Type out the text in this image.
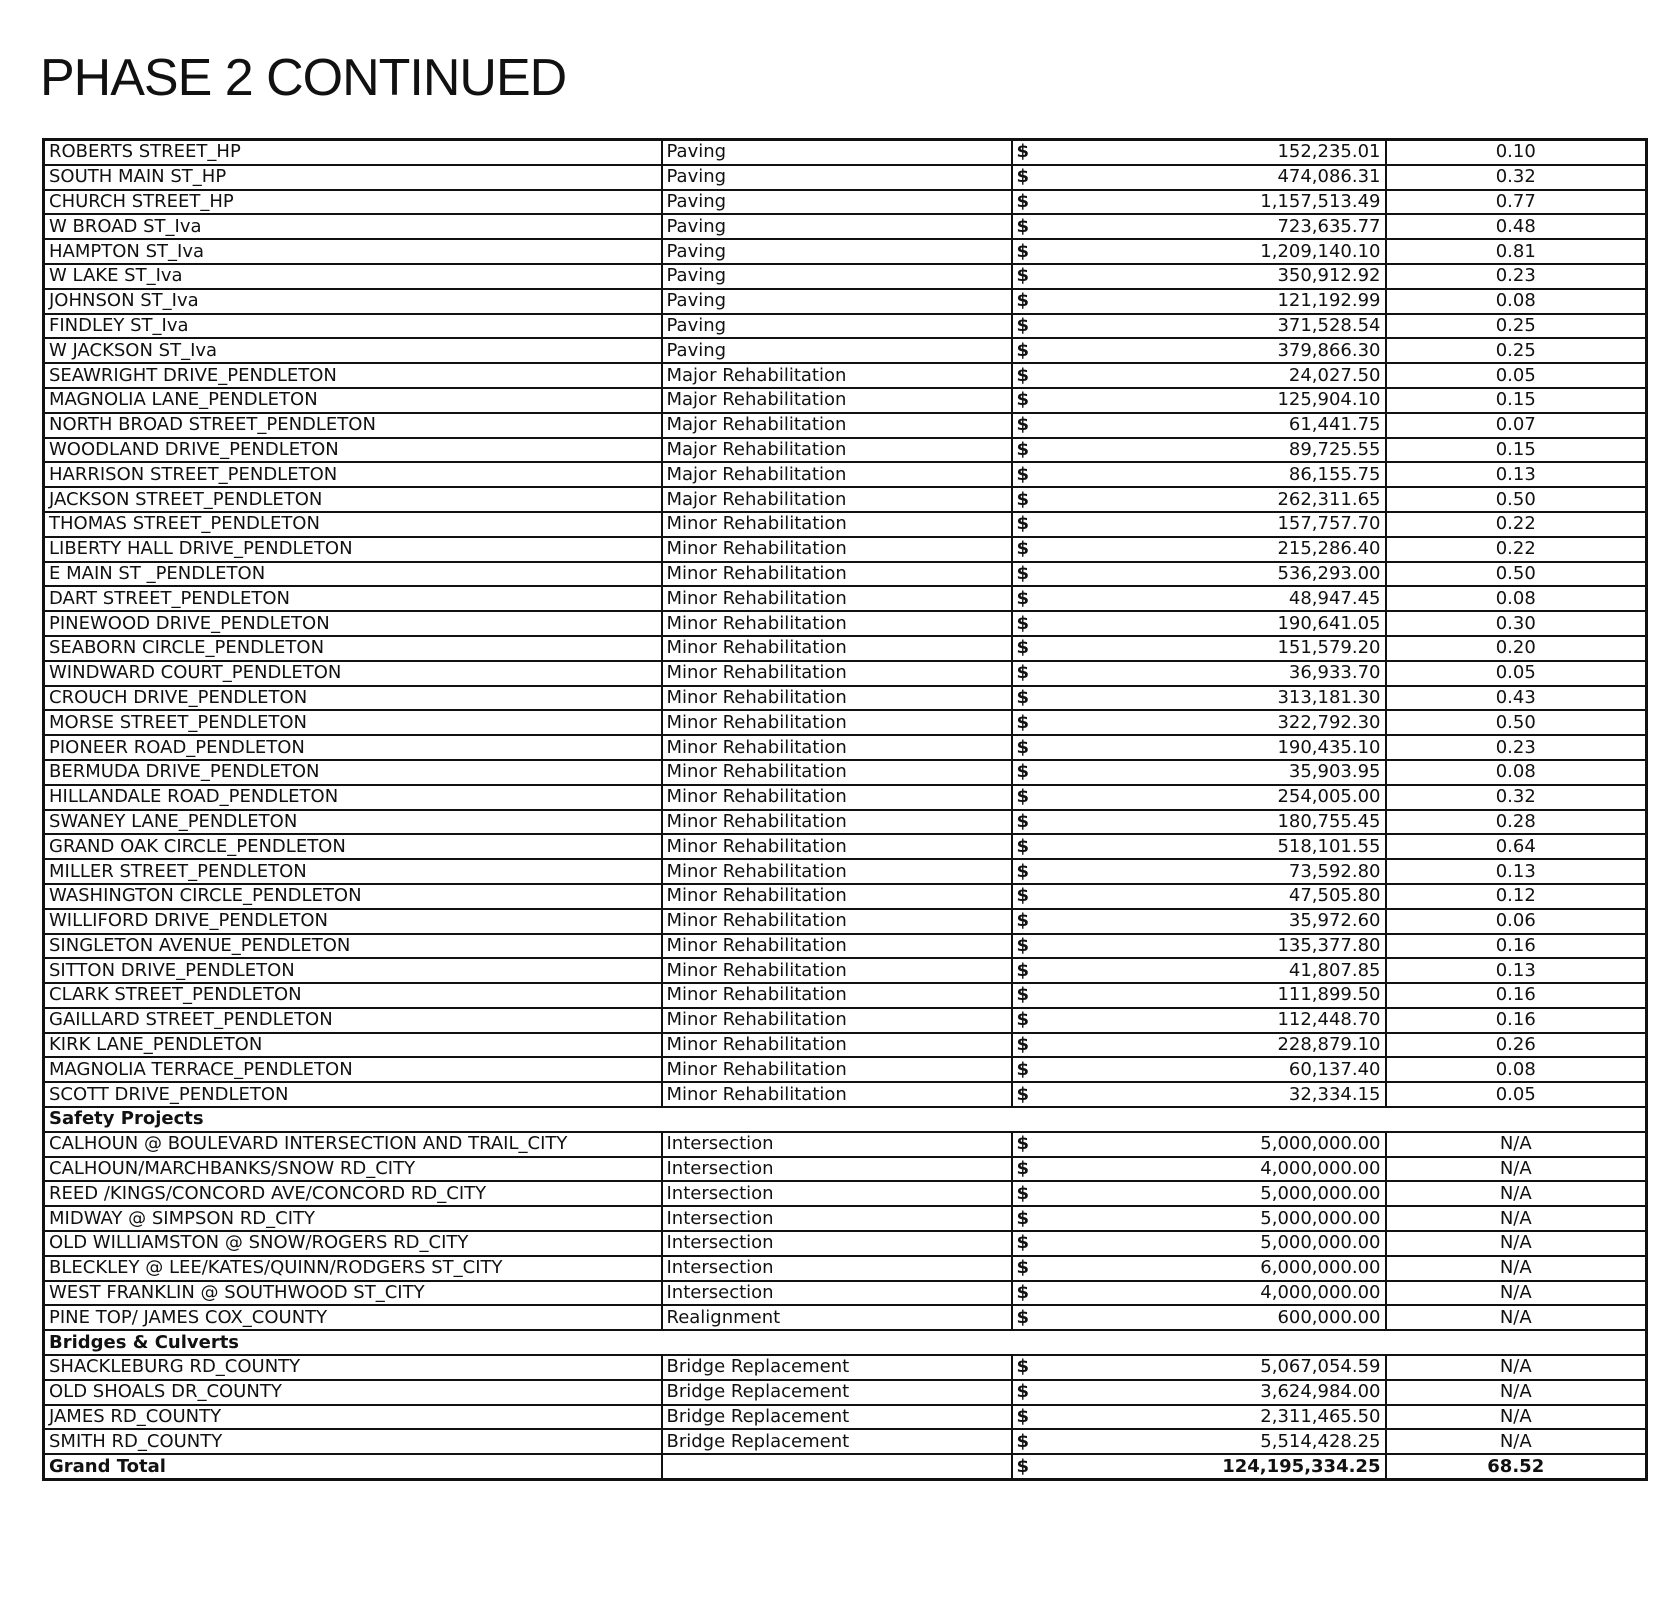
PHASE 2 CONTINUED
ROBERTS STREET_HP	Paving	$	152,235.01	0.10
SOUTH MAIN ST_HP	Paving	$	474,086.31	0.32
CHURCH STREET_HP	Paving	$	1,157,513.49	0.77
W BROAD ST_Iva	Paving	$	723,635.77	0.48
HAMPTON ST_Iva	Paving	$	1,209,140.10	0.81
W LAKE ST_Iva	Paving	$	350,912.92	0.23
JOHNSON ST_Iva	Paving	$	121,192.99	0.08
FINDLEY ST_Iva	Paving	$	371,528.54	0.25
W JACKSON ST_Iva	Paving	$	379,866.30	0.25
SEAWRIGHT DRIVE_PENDLETON	Major Rehabilitation	$	24,027.50	0.05
MAGNOLIA LANE_PENDLETON	Major Rehabilitation	$	125,904.10	0.15
NORTH BROAD STREET_PENDLETON	Major Rehabilitation	$	61,441.75	0.07
WOODLAND DRIVE_PENDLETON	Major Rehabilitation	$	89,725.55	0.15
HARRISON STREET_PENDLETON	Major Rehabilitation	$	86,155.75	0.13
JACKSON STREET_PENDLETON	Major Rehabilitation	$	262,311.65	0.50
THOMAS STREET_PENDLETON	Minor Rehabilitation	$	157,757.70	0.22
LIBERTY HALL DRIVE_PENDLETON	Minor Rehabilitation	$	215,286.40	0.22
E MAIN ST _PENDLETON	Minor Rehabilitation	$	536,293.00	0.50
DART STREET_PENDLETON	Minor Rehabilitation	$	48,947.45	0.08
PINEWOOD DRIVE_PENDLETON	Minor Rehabilitation	$	190,641.05	0.30
SEABORN CIRCLE_PENDLETON	Minor Rehabilitation	$	151,579.20	0.20
WINDWARD COURT_PENDLETON	Minor Rehabilitation	$	36,933.70	0.05
CROUCH DRIVE_PENDLETON	Minor Rehabilitation	$	313,181.30	0.43
MORSE STREET_PENDLETON	Minor Rehabilitation	$	322,792.30	0.50
PIONEER ROAD_PENDLETON	Minor Rehabilitation	$	190,435.10	0.23
BERMUDA DRIVE_PENDLETON	Minor Rehabilitation	$	35,903.95	0.08
HILLANDALE ROAD_PENDLETON	Minor Rehabilitation	$	254,005.00	0.32
SWANEY LANE_PENDLETON	Minor Rehabilitation	$	180,755.45	0.28
GRAND OAK CIRCLE_PENDLETON	Minor Rehabilitation	$	518,101.55	0.64
MILLER STREET_PENDLETON	Minor Rehabilitation	$	73,592.80	0.13
WASHINGTON CIRCLE_PENDLETON	Minor Rehabilitation	$	47,505.80	0.12
WILLIFORD DRIVE_PENDLETON	Minor Rehabilitation	$	35,972.60	0.06
SINGLETON AVENUE_PENDLETON	Minor Rehabilitation	$	135,377.80	0.16
SITTON DRIVE_PENDLETON	Minor Rehabilitation	$	41,807.85	0.13
CLARK STREET_PENDLETON	Minor Rehabilitation	$	111,899.50	0.16
GAILLARD STREET_PENDLETON	Minor Rehabilitation	$	112,448.70	0.16
KIRK LANE_PENDLETON	Minor Rehabilitation	$	228,879.10	0.26
MAGNOLIA TERRACE_PENDLETON	Minor Rehabilitation	$	60,137.40	0.08
SCOTT DRIVE_PENDLETON	Minor Rehabilitation	$	32,334.15	0.05
Safety Projects				
CALHOUN @ BOULEVARD INTERSECTION AND TRAIL_CITY	Intersection	$	5,000,000.00	N/A
CALHOUN/MARCHBANKS/SNOW RD_CITY	Intersection	$	4,000,000.00	N/A
REED /KINGS/CONCORD AVE/CONCORD RD_CITY	Intersection	$	5,000,000.00	N/A
MIDWAY @ SIMPSON RD_CITY	Intersection	$	5,000,000.00	N/A
OLD WILLIAMSTON @ SNOW/ROGERS RD_CITY	Intersection	$	5,000,000.00	N/A
BLECKLEY @ LEE/KATES/QUINN/RODGERS ST_CITY	Intersection	$	6,000,000.00	N/A
WEST FRANKLIN @ SOUTHWOOD ST_CITY	Intersection	$	4,000,000.00	N/A
PINE TOP/ JAMES COX_COUNTY	Realignment	$	600,000.00	N/A
Bridges & Culverts				
SHACKLEBURG RD_COUNTY	Bridge Replacement	$	5,067,054.59	N/A
OLD SHOALS DR_COUNTY	Bridge Replacement	$	3,624,984.00	N/A
JAMES RD_COUNTY	Bridge Replacement	$	2,311,465.50	N/A
SMITH RD_COUNTY	Bridge Replacement	$	5,514,428.25	N/A
Grand Total		$	124,195,334.25	68.52
